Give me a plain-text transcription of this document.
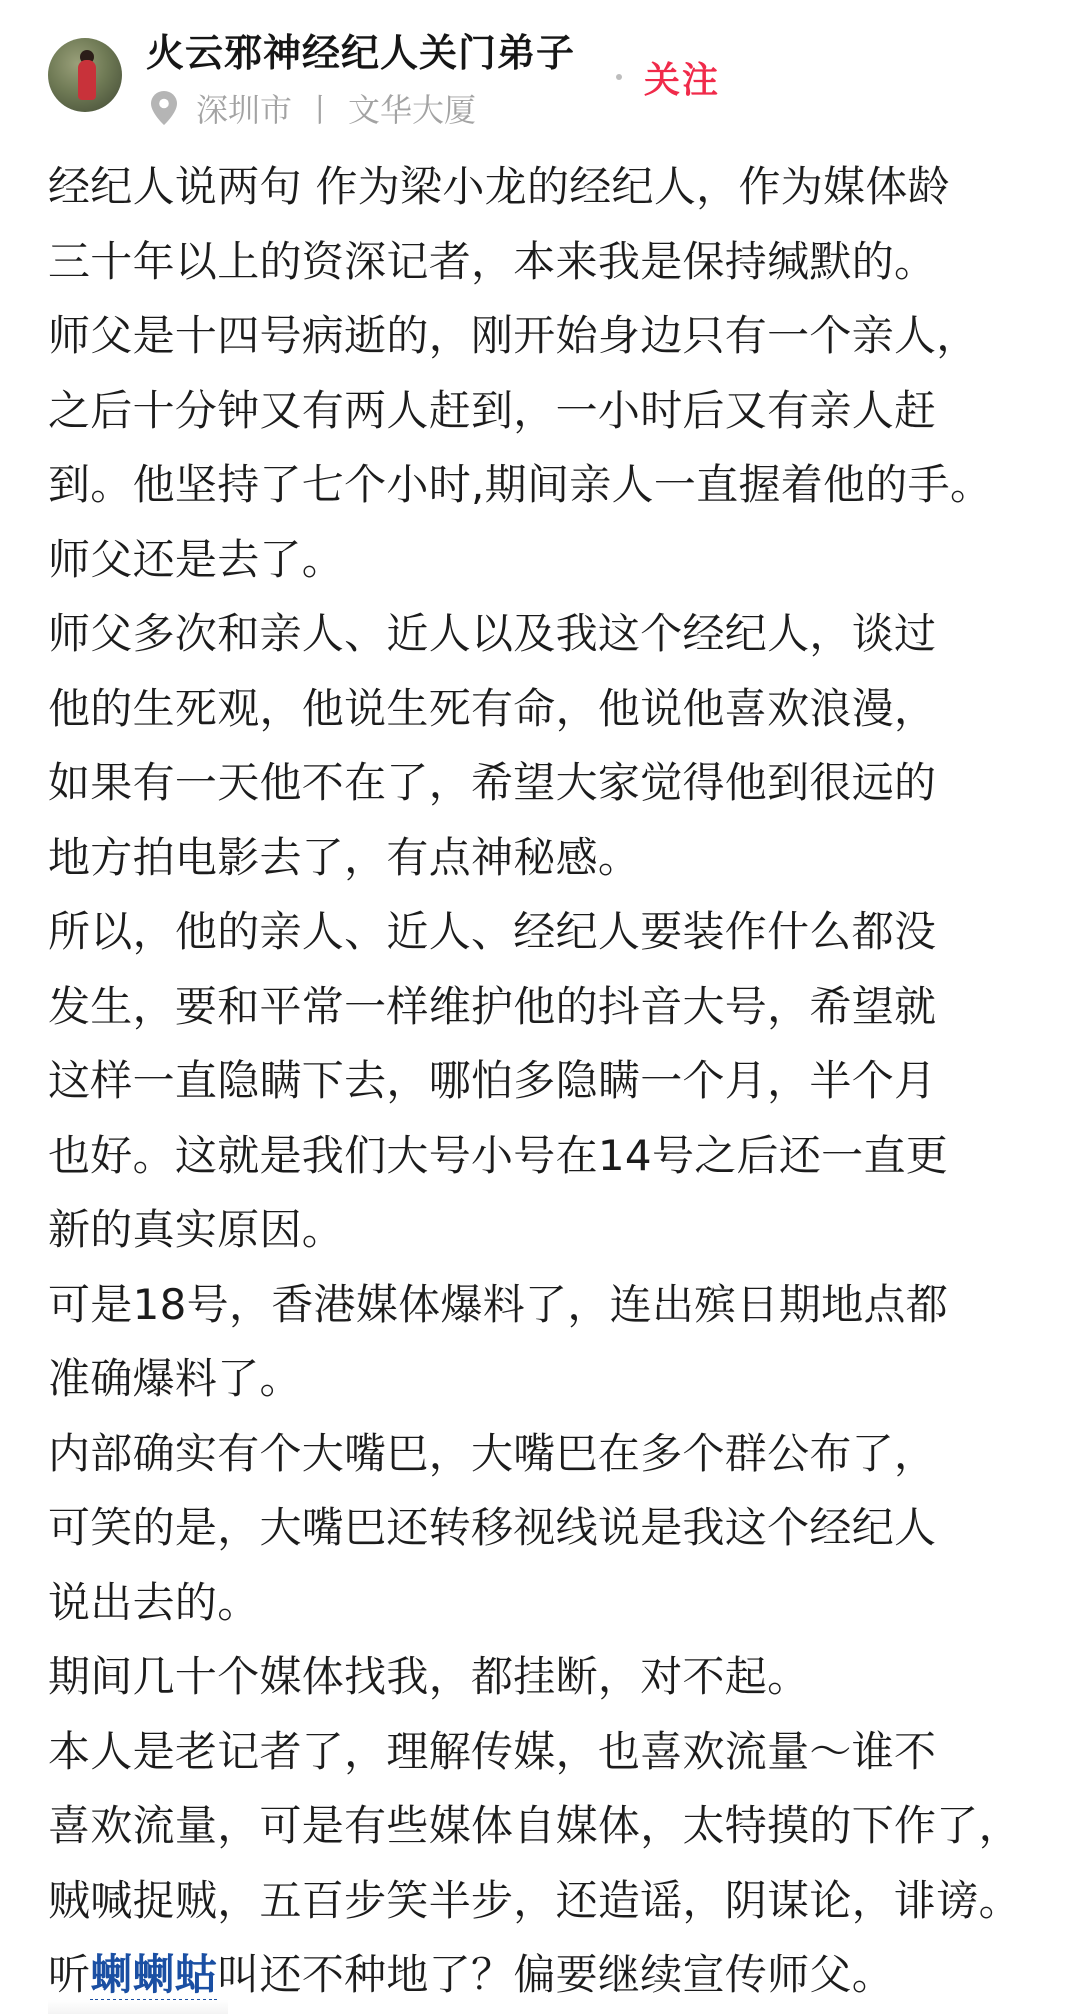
火云邪神经纪人关门弟子
深圳市 丨 文华大厦
关注
经纪人说两句 作为梁小龙的经纪人，作为媒体龄
三十年以上的资深记者，本来我是保持缄默的。
师父是十四号病逝的，刚开始身边只有一个亲人，
之后十分钟又有两人赶到，一小时后又有亲人赶
到。他坚持了七个小时,期间亲人一直握着他的手。
师父还是去了。
师父多次和亲人、近人以及我这个经纪人，谈过
他的生死观，他说生死有命，他说他喜欢浪漫，
如果有一天他不在了，希望大家觉得他到很远的
地方拍电影去了，有点神秘感。
所以，他的亲人、近人、经纪人要装作什么都没
发生，要和平常一样维护他的抖音大号，希望就
这样一直隐瞒下去，哪怕多隐瞒一个月，半个月
也好。这就是我们大号小号在14号之后还一直更
新的真实原因。
可是18号，香港媒体爆料了，连出殡日期地点都
准确爆料了。
内部确实有个大嘴巴，大嘴巴在多个群公布了，
可笑的是，大嘴巴还转移视线说是我这个经纪人
说出去的。
期间几十个媒体找我，都挂断，对不起。
本人是老记者了，理解传媒，也喜欢流量～谁不
喜欢流量，可是有些媒体自媒体，太特摸的下作了，
贼喊捉贼，五百步笑半步，还造谣，阴谋论，诽谤。
听蝲蝲蛄叫还不种地了？偏要继续宣传师父。
